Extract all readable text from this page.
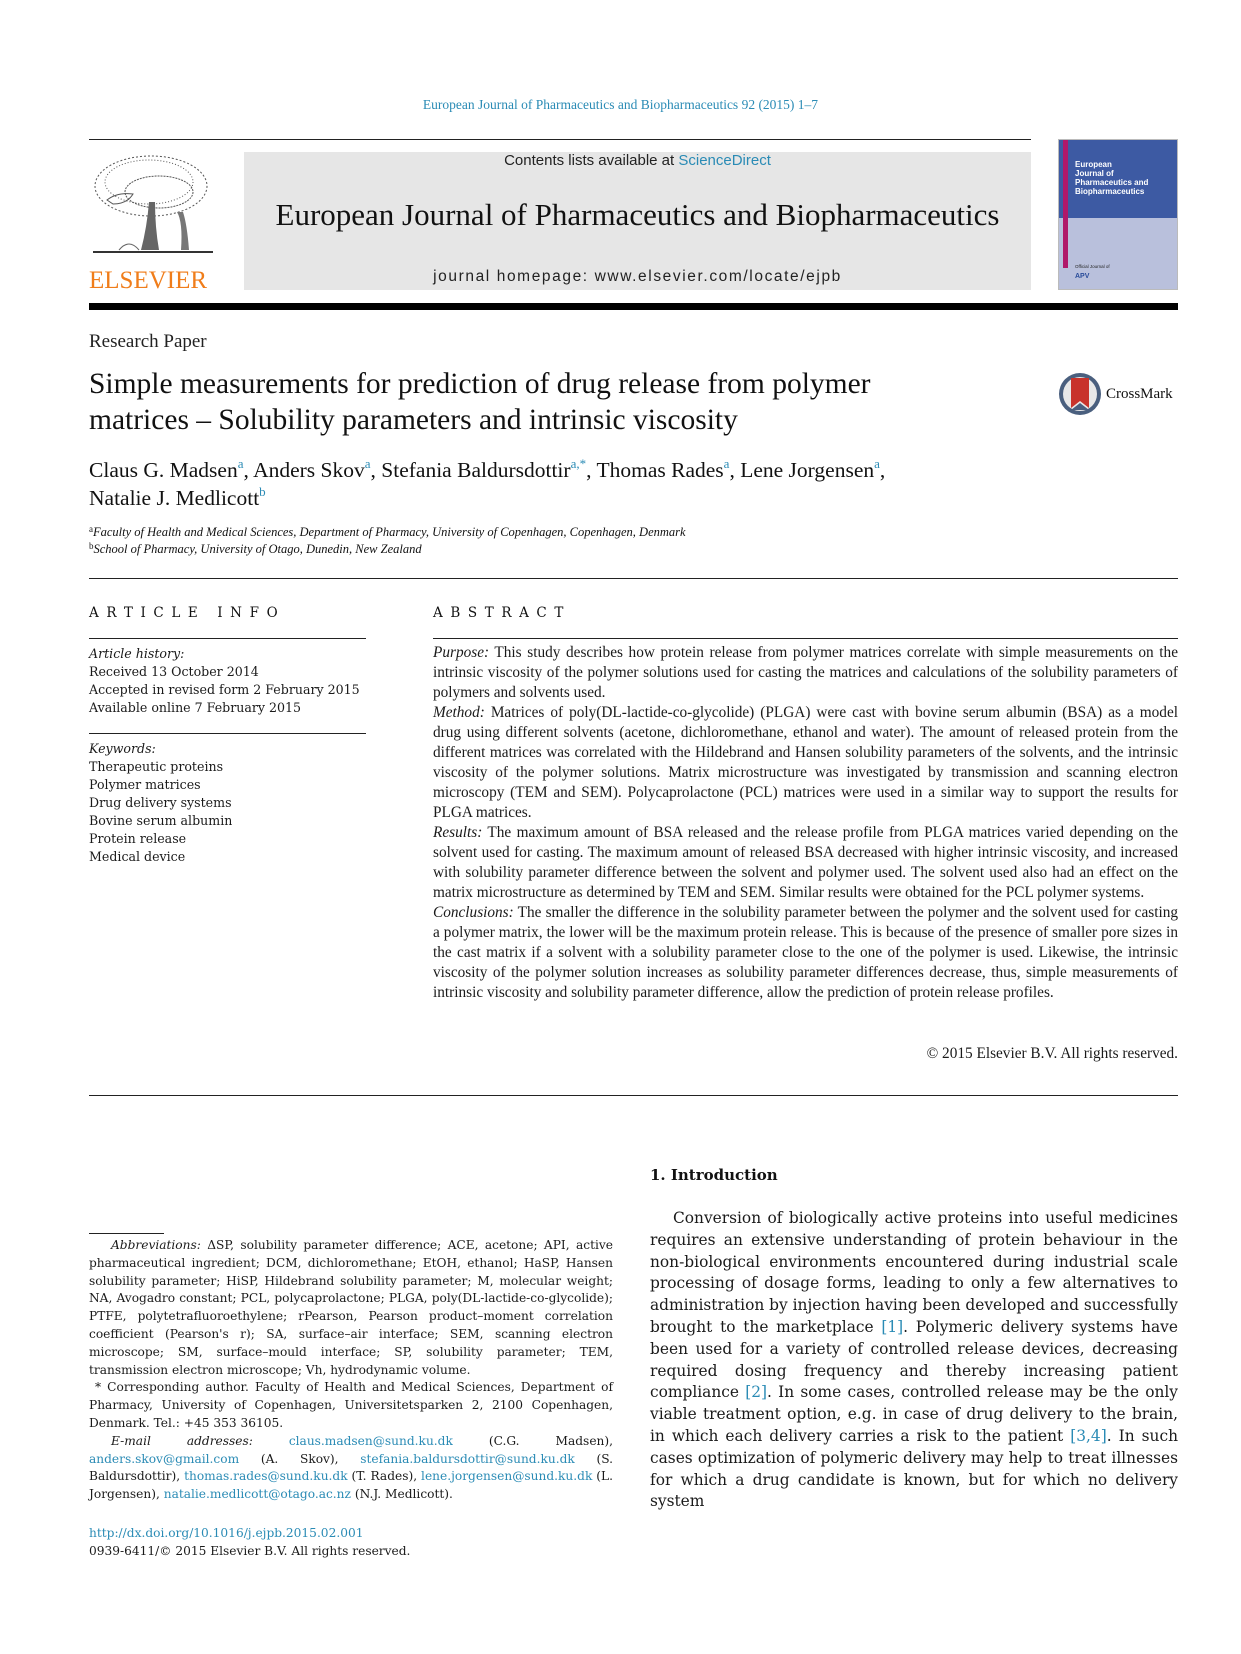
European Journal of Pharmaceutics and Biopharmaceutics 92 (2015) 1–7
ELSEVIER
Contents lists available at ScienceDirect
European Journal of Pharmaceutics and Biopharmaceutics
journal homepage: www.elsevier.com/locate/ejpb
European
Journal of
Pharmaceutics and
Biopharmaceutics
Official Journal of
APV
Research Paper
Simple measurements for prediction of drug release from polymer
matrices – Solubility parameters and intrinsic viscosity
CrossMark
Claus G. Madsen$^a$, Anders Skov$^a$, Stefania Baldursdottir$^{a,*}$, Thomas Rades$^a$, Lene Jorgensen$^a$,
Natalie J. Medlicott$^b$
$^a$Faculty of Health and Medical Sciences, Department of Pharmacy, University of Copenhagen, Copenhagen, Denmark
$^b$School of Pharmacy, University of Otago, Dunedin, New Zealand
ARTICLE INFO
Article history:
Received 13 October 2014
Accepted in revised form 2 February 2015
Available online 7 February 2015
Keywords:
Therapeutic proteins
Polymer matrices
Drug delivery systems
Bovine serum albumin
Protein release
Medical device
ABSTRACT

Purpose: This study describes how protein release from polymer matrices correlate with simple measurements on the intrinsic viscosity of the polymer solutions used for casting the matrices and calculations of the solubility parameters of polymers and solvents used.

Method: Matrices of poly(DL-lactide-co-glycolide) (PLGA) were cast with bovine serum albumin (BSA) as a model drug using different solvents (acetone, dichloromethane, ethanol and water). The amount of released protein from the different matrices was correlated with the Hildebrand and Hansen solubility parameters of the solvents, and the intrinsic viscosity of the polymer solutions. Matrix microstructure was investigated by transmission and scanning electron microscopy (TEM and SEM). Polycaprolactone (PCL) matrices were used in a similar way to support the results for PLGA matrices.

Results: The maximum amount of BSA released and the release profile from PLGA matrices varied depending on the solvent used for casting. The maximum amount of released BSA decreased with higher intrinsic viscosity, and increased with solubility parameter difference between the solvent and polymer used. The solvent used also had an effect on the matrix microstructure as determined by TEM and SEM. Similar results were obtained for the PCL polymer systems.

Conclusions: The smaller the difference in the solubility parameter between the polymer and the solvent used for casting a polymer matrix, the lower will be the maximum protein release. This is because of the presence of smaller pore sizes in the cast matrix if a solvent with a solubility parameter close to the one of the polymer is used. Likewise, the intrinsic viscosity of the polymer solution increases as solubility parameter differences decrease, thus, simple measurements of intrinsic viscosity and solubility parameter difference, allow the prediction of protein release profiles.

© 2015 Elsevier B.V. All rights reserved.

Abbreviations: ΔSP, solubility parameter difference; ACE, acetone; API, active pharmaceutical ingredient; DCM, dichloromethane; EtOH, ethanol; HaSP, Hansen solubility parameter; HiSP, Hildebrand solubility parameter; M, molecular weight; NA, Avogadro constant; PCL, polycaprolactone; PLGA, poly(DL-lactide-co-glycolide); PTFE, polytetrafluoroethylene; rPearson, Pearson product–moment correlation coefficient (Pearson's r); SA, surface–air interface; SEM, scanning electron microscope; SM, surface–mould interface; SP, solubility parameter; TEM, transmission electron microscope; Vh, hydrodynamic volume.

* Corresponding author. Faculty of Health and Medical Sciences, Department of Pharmacy, University of Copenhagen, Universitetsparken 2, 2100 Copenhagen, Denmark. Tel.: +45 353 36105.

E-mail addresses:	claus.madsen@sund.ku.dk (C.G. Madsen), anders.skov@gmail.com (A. Skov), stefania.baldursdottir@sund.ku.dk (S. Baldursdottir), thomas.rades@sund.ku.dk (T. Rades), lene.jorgensen@sund.ku.dk (L. Jorgensen), natalie.medlicott@otago.ac.nz (N.J. Medlicott).

http://dx.doi.org/10.1016/j.ejpb.2015.02.001
0939-6411/© 2015 Elsevier B.V. All rights reserved.
1. Introduction
Conversion of biologically active proteins into useful medicines requires an extensive understanding of protein behaviour in the non-biological environments encountered during industrial scale processing of dosage forms, leading to only a few alternatives to administration by injection having been developed and successfully brought to the marketplace [1]. Polymeric delivery systems have been used for a variety of controlled release devices, decreasing required dosing frequency and thereby increasing patient compliance [2]. In some cases, controlled release may be the only viable treatment option, e.g. in case of drug delivery to the brain, in which each delivery carries a risk to the patient [3,4]. In such cases optimization of polymeric delivery may help to treat illnesses for which a drug candidate is known, but for which no delivery system
